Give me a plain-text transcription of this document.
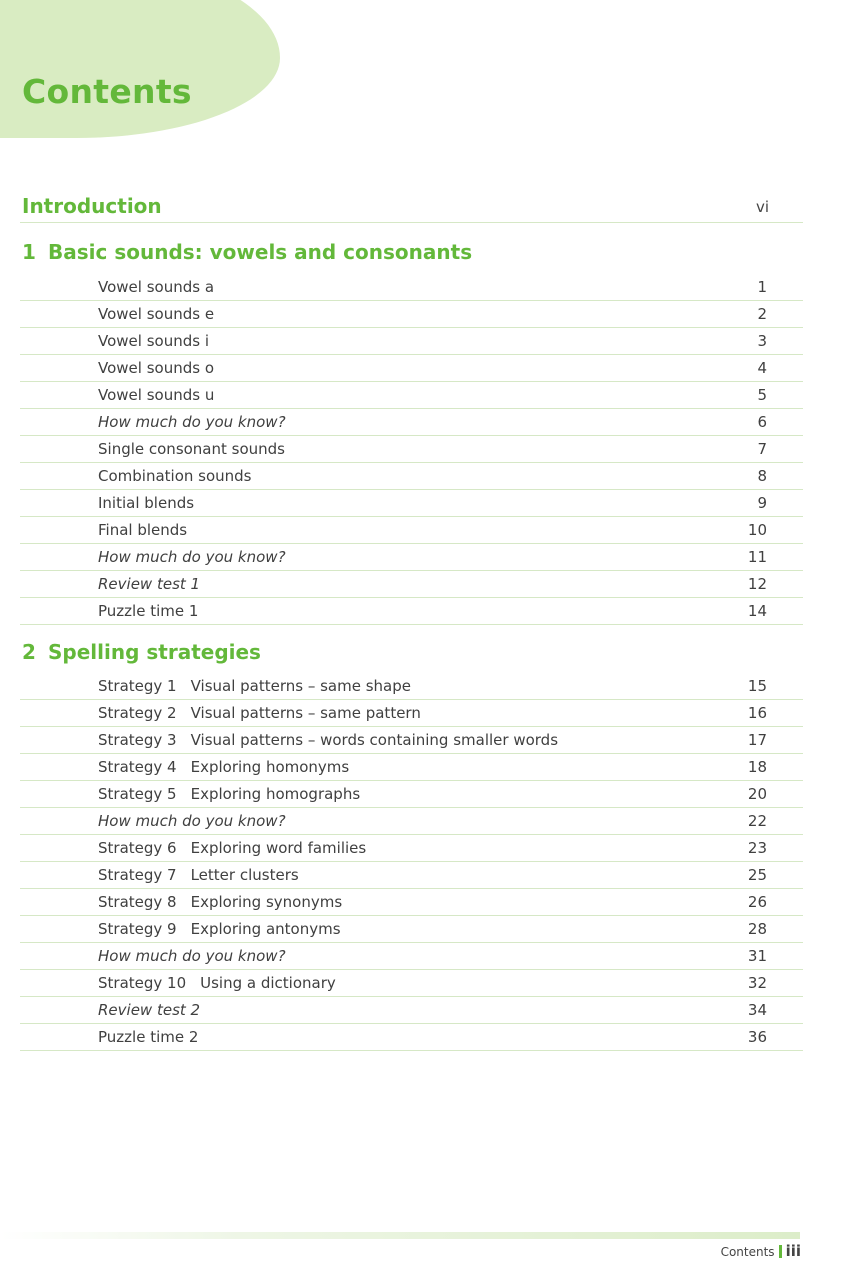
Contents
Introduction	vi
1 Basic sounds: vowels and consonants
Vowel sounds a	1
Vowel sounds e	2
Vowel sounds i	3
Vowel sounds o	4
Vowel sounds u	5
How much do you know?	6
Single consonant sounds	7
Combination sounds	8
Initial blends	9
Final blends	10
How much do you know?	11
Review test 1	12
Puzzle time 1	14
2 Spelling strategies
Strategy 1 Visual patterns – same shape	15
Strategy 2 Visual patterns – same pattern	16
Strategy 3 Visual patterns – words containing smaller words	17
Strategy 4 Exploring homonyms	18
Strategy 5 Exploring homographs	20
How much do you know?	22
Strategy 6 Exploring word families	23
Strategy 7 Letter clusters	25
Strategy 8 Exploring synonyms	26
Strategy 9 Exploring antonyms	28
How much do you know?	31
Strategy 10 Using a dictionary	32
Review test 2	34
Puzzle time 2	36
Contents iii
